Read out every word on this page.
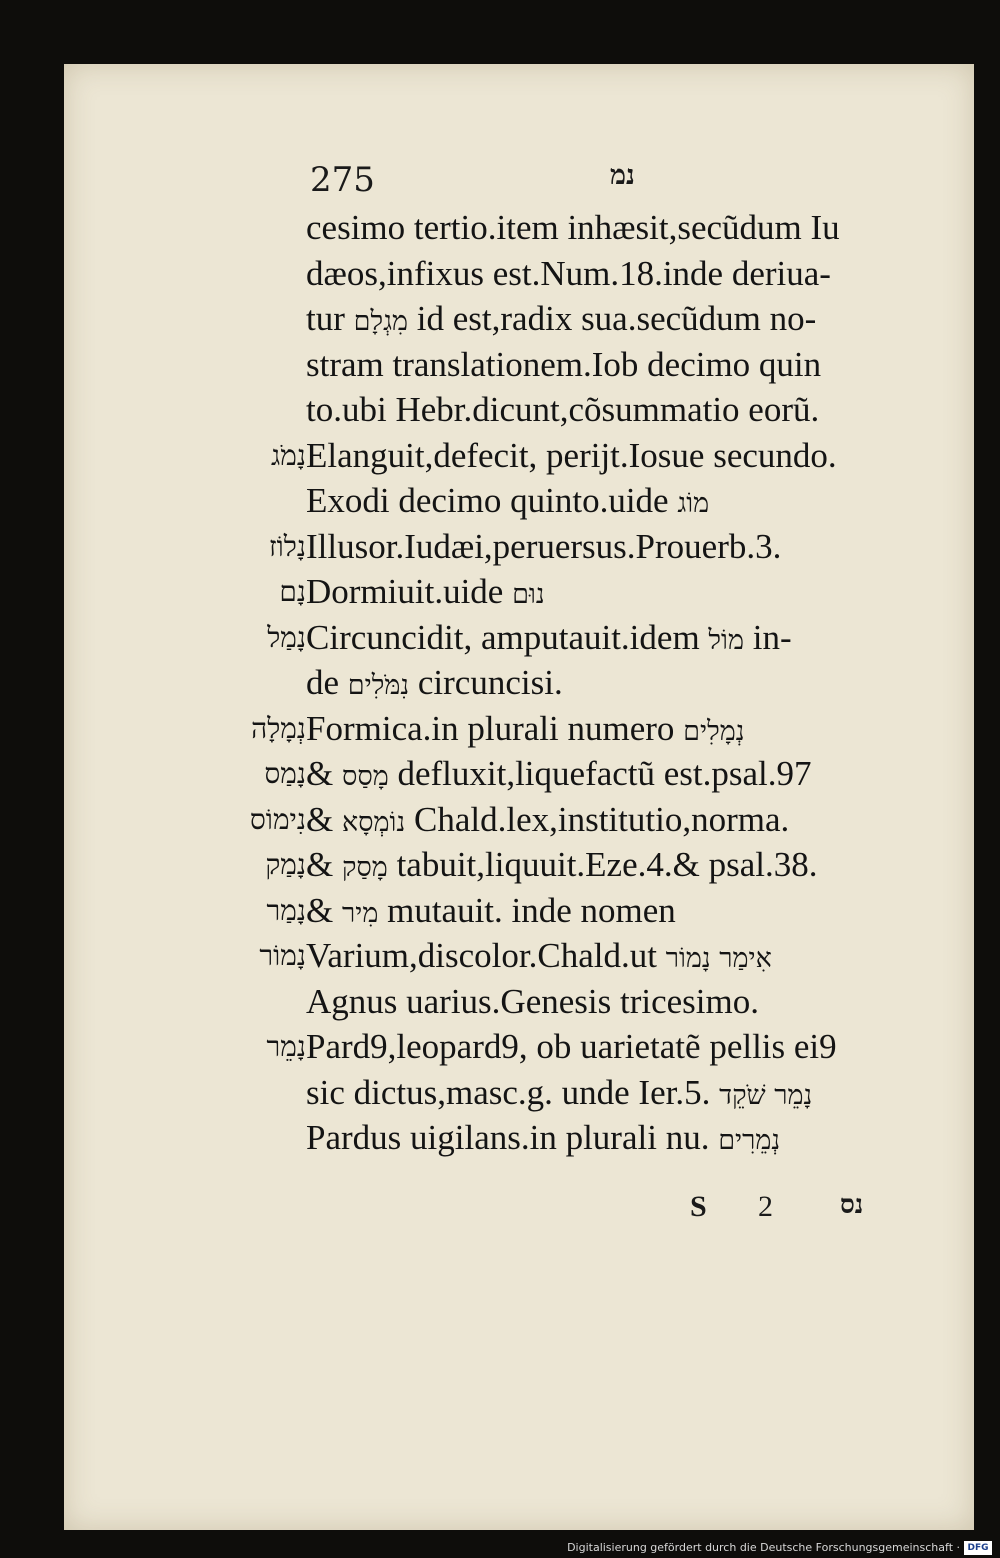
275	נמ
cesimo tertio.item inhæsit,secũdum Iu
dæos,infixus est.Num.18.inde deriua-
tur מִגְלָם id est,radix sua.secũdum no-
stram translationem.Iob decimo quin
to.ubi Hebr.dicunt,cõsummatio eorũ.
נָמֹג Elanguit,defecit, perijt.Iosue secundo.
Exodi decimo quinto.uide מוֹג
נָלוֹז Illusor.Iudæi,peruersus.Prouerb.3.
נָם Dormiuit.uide נוּם
נָמַל Circuncidit, amputauit.idem מוֹל in-
de נִמֹּלִים circuncisi.
נְמָלָה Formica.in plurali numero נְמָלִים
נָמַס & מָסַס defluxit,liquefactũ est.psal.97
נִימוֹס & נוֹמְסָא Chald.lex,institutio,norma.
נָמַק & מָסַק tabuit,liquuit.Eze.4.& psal.38.
נָמַר & מִיר mutauit. inde nomen
נָמוֹר Varium,discolor.Chald.ut אִימַר נָמוֹר
Agnus uarius.Genesis tricesimo.
נָמֵר Pard9,leopard9, ob uarietatẽ pellis ei9
sic dictus,masc.g. unde Ier.5. נָמֵר שֹׁקֵד
Pardus uigilans.in plurali nu. נְמֵרִים
S 2	נס
Digitalisierung gefördert durch die Deutsche Forschungsgemeinschaft · DFG
